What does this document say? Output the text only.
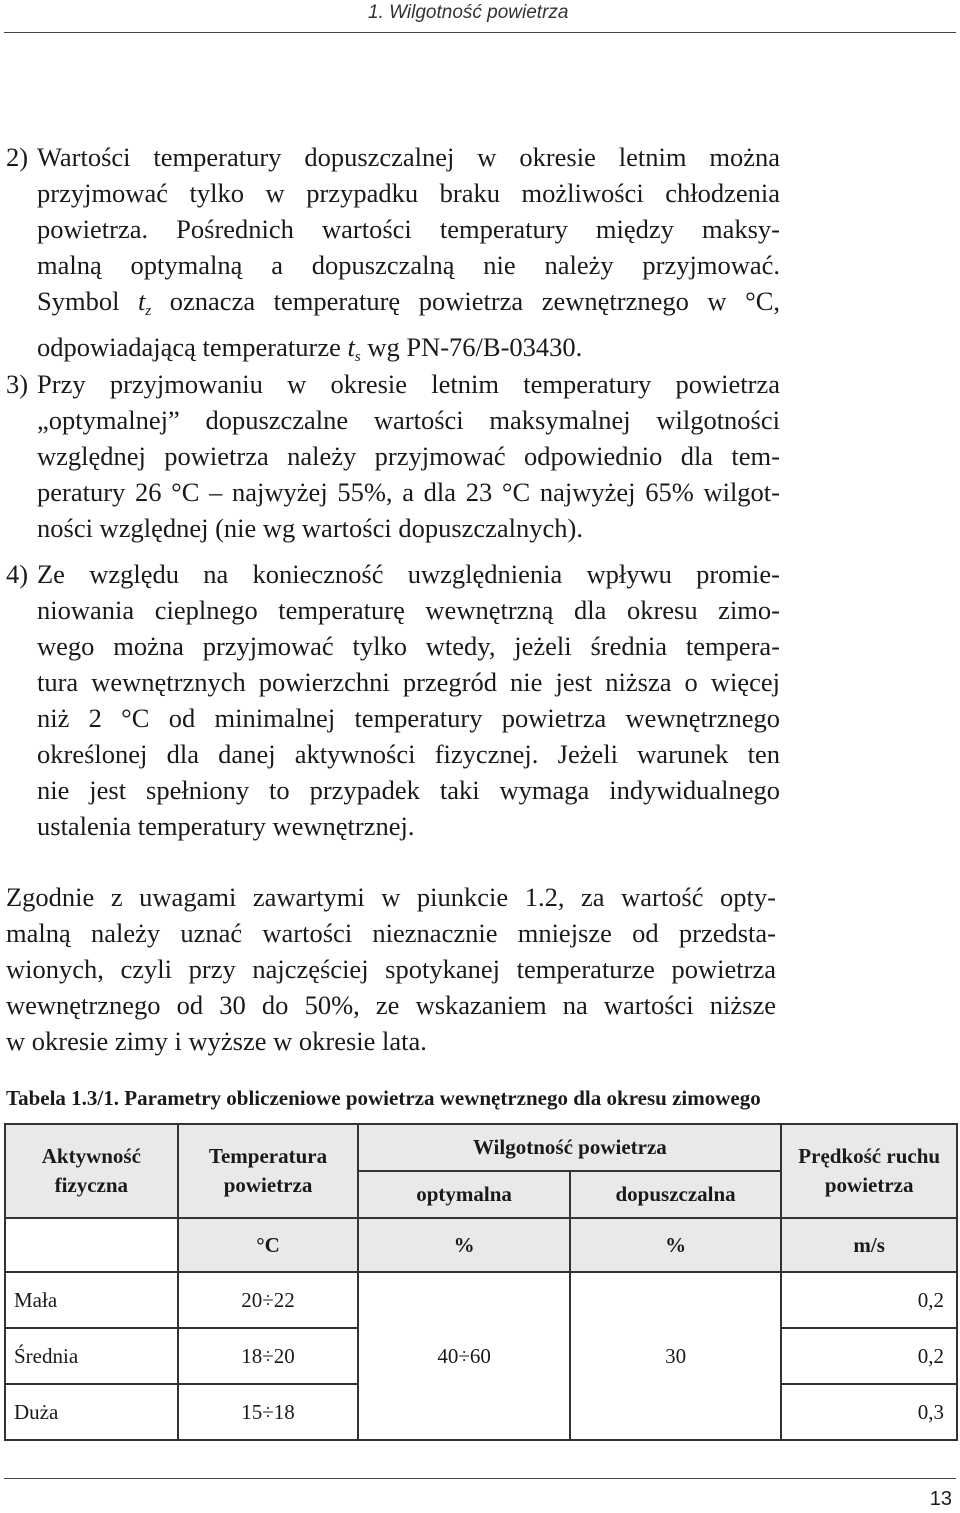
1. Wilgotność powietrza
2) Wartości temperatury dopuszczalnej w okresie letnim można
przyjmować tylko w przypadku braku możliwości chłodzenia
powietrza. Pośrednich wartości temperatury między maksy-
malną optymalną a dopuszczalną nie należy przyjmować.
Symbol tz oznacza temperaturę powietrza zewnętrznego w °C,
odpowiadającą temperaturze ts wg PN-76/B-03430.
3) Przy przyjmowaniu w okresie letnim temperatury powietrza
„optymalnej” dopuszczalne wartości maksymalnej wilgotności
względnej powietrza należy przyjmować odpowiednio dla tem-
peratury 26 °C – najwyżej 55%, a dla 23 °C najwyżej 65% wilgot-
ności względnej (nie wg wartości dopuszczalnych).
4) Ze względu na konieczność uwzględnienia wpływu promie-
niowania cieplnego temperaturę wewnętrzną dla okresu zimo-
wego można przyjmować tylko wtedy, jeżeli średnia tempera-
tura wewnętrznych powierzchni przegród nie jest niższa o więcej
niż 2 °C od minimalnej temperatury powietrza wewnętrznego
określonej dla danej aktywności fizycznej. Jeżeli warunek ten
nie jest spełniony to przypadek taki wymaga indywidualnego
ustalenia temperatury wewnętrznej.
Zgodnie z uwagami zawartymi w piunkcie 1.2, za wartość opty-
malną należy uznać wartości nieznacznie mniejsze od przedsta-
wionych, czyli przy najczęściej spotykanej temperaturze powietrza
wewnętrznego od 30 do 50%, ze wskazaniem na wartości niższe
w okresie zimy i wyższe w okresie lata.
Tabela 1.3/1. Parametry obliczeniowe powietrza wewnętrznego dla okresu zimowego
Aktywność fizyczna	Temperatura powietrza	Wilgotność powietrza		Prędkość ruchu powietrza
		optymalna	dopuszczalna	
	°C	%	%	m/s
Mała	20÷22	40÷60	30	0,2
Średnia	18÷20			0,2
Duża	15÷18			0,3
13
